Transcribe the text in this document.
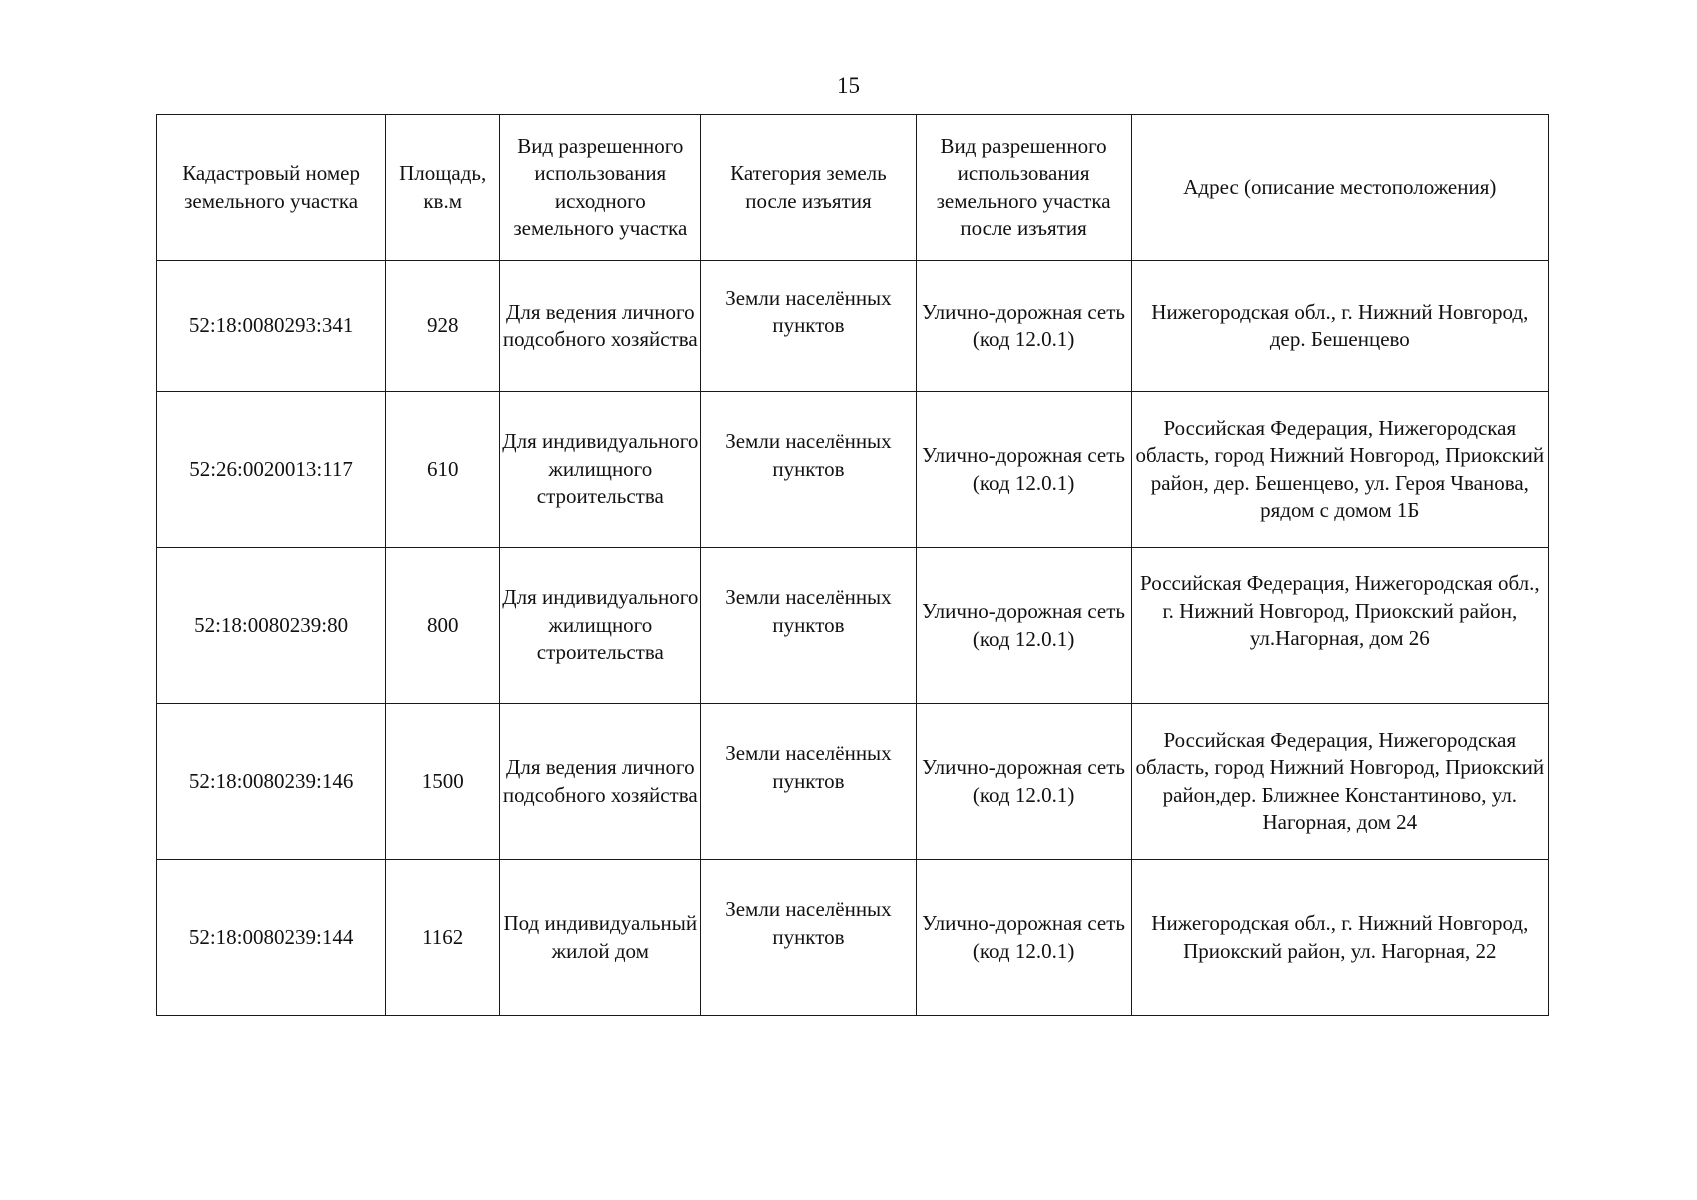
15
Кадастровый номер земельного участка	Площадь, кв.м	Вид разрешенного использования исходного земельного участка	Категория земель после изъятия	Вид разрешенного использования земельного участка после изъятия	Адрес (описание местоположения)
52:18:0080293:341	928	Для ведения личного подсобного хозяйства	Земли населённых пунктов	Улично-дорожная сеть (код 12.0.1)	Нижегородская обл., г. Нижний Новгород, дер. Бешенцево
52:26:0020013:117	610	Для индивидуального жилищного строительства	Земли населённых пунктов	Улично-дорожная сеть (код 12.0.1)	Российская Федерация, Нижегородская область, город Нижний Новгород, Приокский район, дер. Бешенцево, ул. Героя Чванова, рядом с домом 1Б
52:18:0080239:80	800	Для индивидуального жилищного строительства	Земли населённых пунктов	Улично-дорожная сеть (код 12.0.1)	Российская Федерация, Нижегородская обл., г. Нижний Новгород, Приокский район, ул.Нагорная, дом 26

52:18:0080239:146	1500	Для ведения личного подсобного хозяйства	Земли населённых пунктов	Улично-дорожная сеть (код 12.0.1)	Российская Федерация, Нижегородская область, город Нижний Новгород, Приокский район,дер. Ближнее Константиново, ул. Нагорная, дом 24
52:18:0080239:144	1162	Под индивидуальный жилой дом	Земли населённых пунктов	Улично-дорожная сеть (код 12.0.1)	Нижегородская обл., г. Нижний Новгород, Приокский район, ул. Нагорная, 22
